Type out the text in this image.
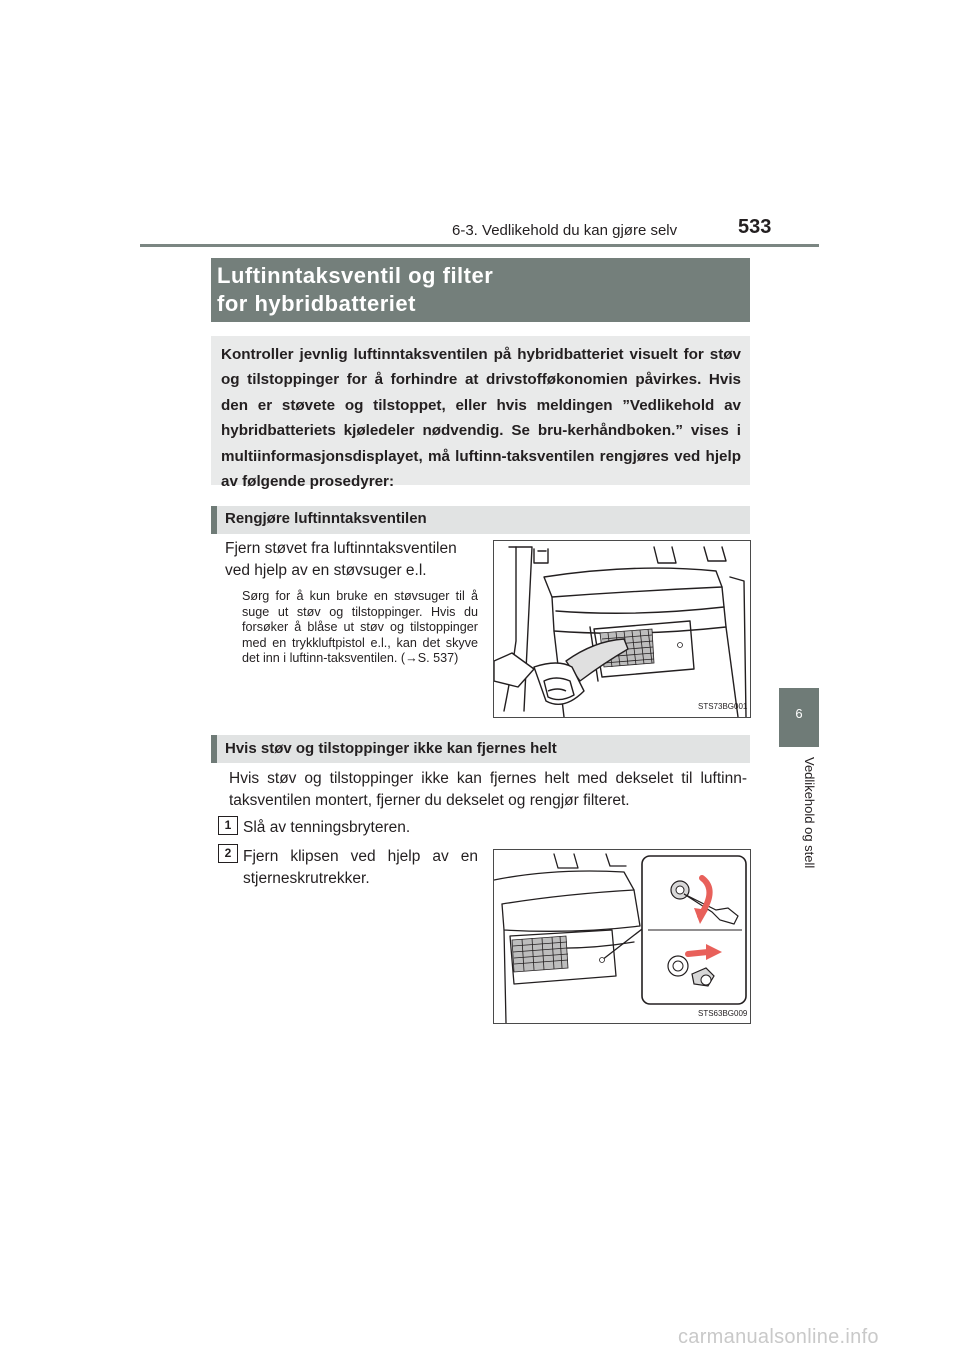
6-3. Vedlikehold du kan gjøre selv	533
6
Vedlikehold og stell
Luftinntaksventil og filter
for hybridbatteriet
Kontroller jevnlig luftinntaksventilen på hybridbatteriet visuelt for støv og tilstoppinger for å forhindre at drivstofføkonomien påvirkes. Hvis den er støvete og tilstoppet, eller hvis meldingen ”Vedlikehold av hybridbatteriets kjøledeler nødvendig. Se bru-kerhåndboken.” vises i multiinformasjonsdisplayet, må luftinn-taksventilen rengjøres ved hjelp av følgende prosedyrer:
Rengjøre luftinntaksventilen
Fjern støvet fra luftinntaksventilen ved hjelp av en støvsuger e.l.
Sørg for å kun bruke en støvsuger til å suge ut støv og tilstoppinger. Hvis du forsøker å blåse ut støv og tilstoppinger med en trykkluftpistol e.l., kan det skyve det inn i luftinn-taksventilen. (→S. 537)
STS73BG001
Hvis støv og tilstoppinger ikke kan fjernes helt
Hvis støv og tilstoppinger ikke kan fjernes helt med dekselet til luftinn-taksventilen montert, fjerner du dekselet og rengjør filteret.
1 Slå av tenningsbryteren.
2 Fjern klipsen ved hjelp av en stjerneskrutrekker.
STS63BG009
carmanualsonline.info
